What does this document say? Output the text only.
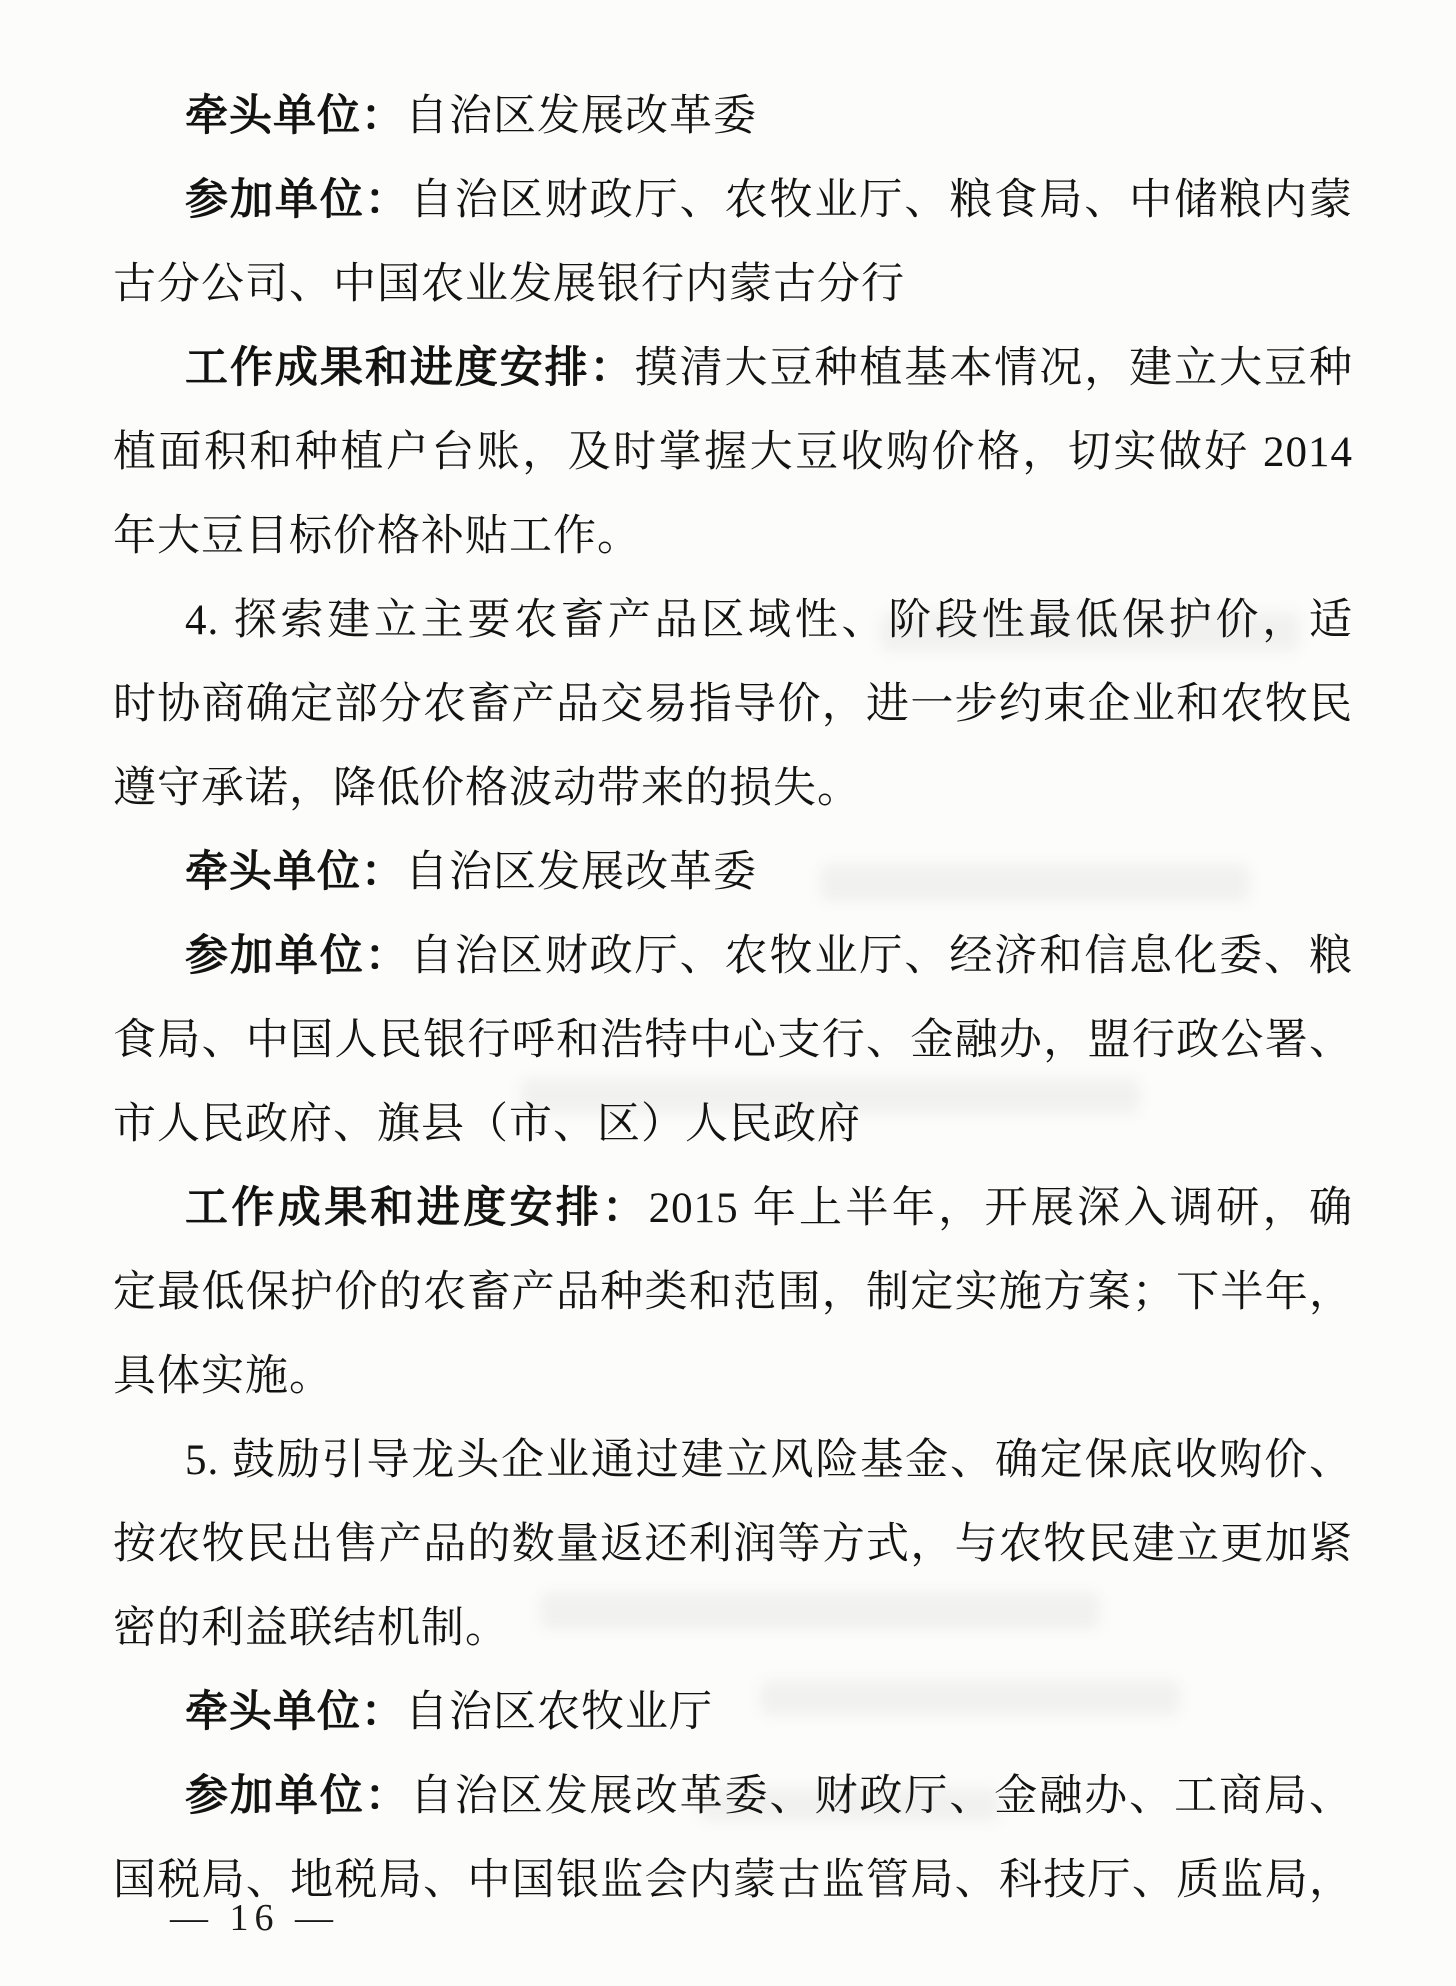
牵头单位：自治区发展改革委
参加单位：自治区财政厅、农牧业厅、粮食局、中储粮内蒙
古分公司、中国农业发展银行内蒙古分行
工作成果和进度安排：摸清大豆种植基本情况，建立大豆种
植面积和种植户台账，及时掌握大豆收购价格，切实做好 2014
年大豆目标价格补贴工作。
4. 探索建立主要农畜产品区域性、阶段性最低保护价，适
时协商确定部分农畜产品交易指导价，进一步约束企业和农牧民
遵守承诺，降低价格波动带来的损失。
牵头单位：自治区发展改革委
参加单位：自治区财政厅、农牧业厅、经济和信息化委、粮
食局、中国人民银行呼和浩特中心支行、金融办，盟行政公署、
市人民政府、旗县（市、区）人民政府
工作成果和进度安排：2015 年上半年，开展深入调研，确
定最低保护价的农畜产品种类和范围，制定实施方案；下半年，
具体实施。
5. 鼓励引导龙头企业通过建立风险基金、确定保底收购价、
按农牧民出售产品的数量返还利润等方式，与农牧民建立更加紧
密的利益联结机制。
牵头单位：自治区农牧业厅
参加单位：自治区发展改革委、财政厅、金融办、工商局、
国税局、地税局、中国银监会内蒙古监管局、科技厅、质监局，
— 16 —
